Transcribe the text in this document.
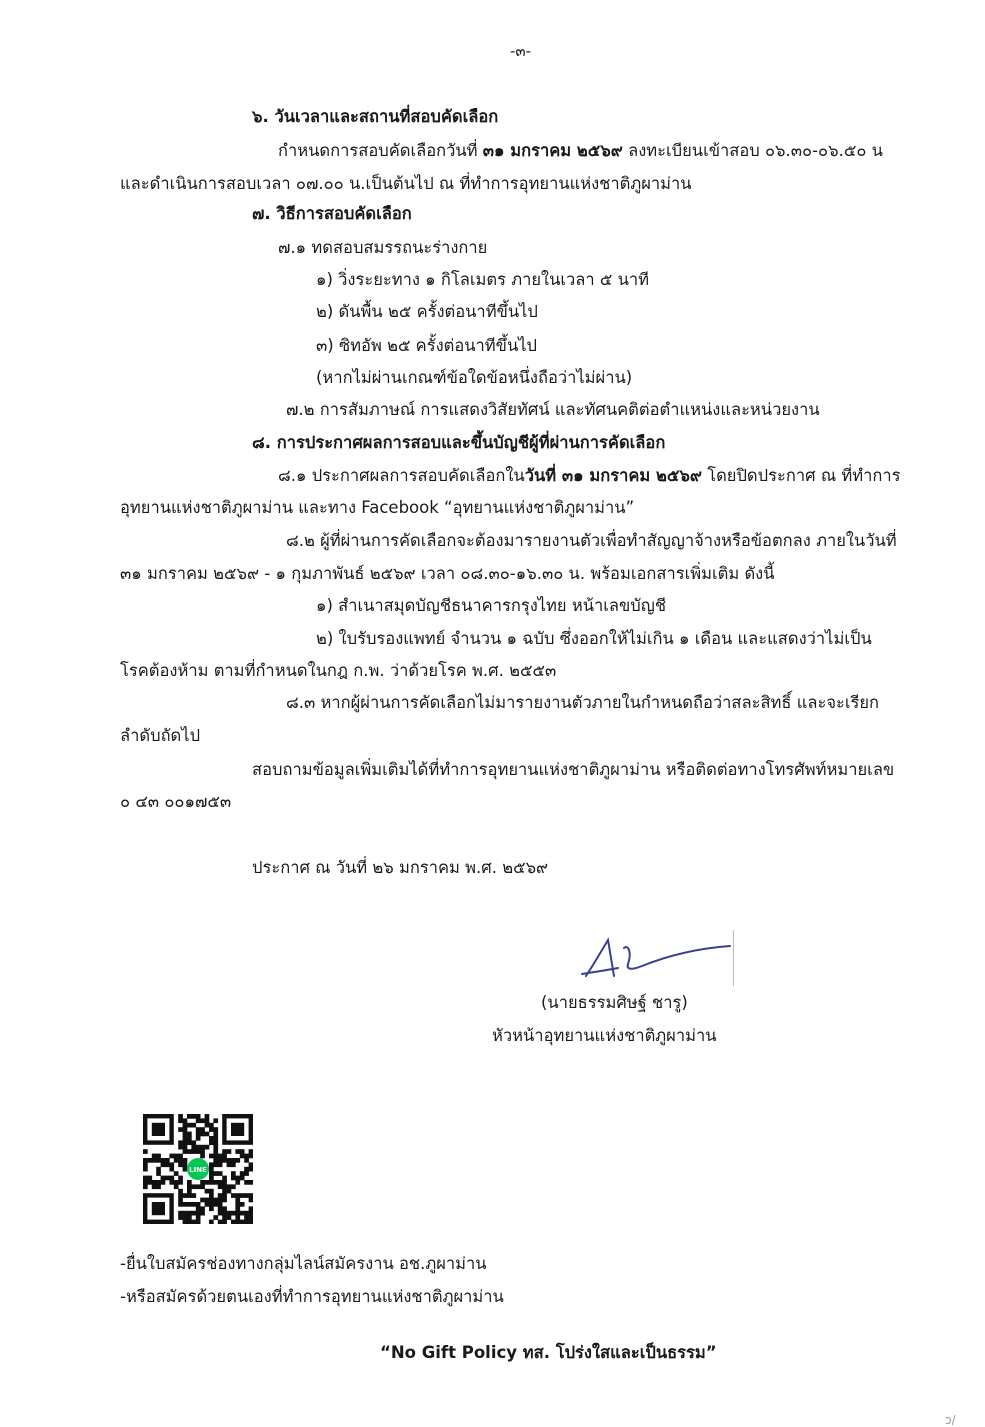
-๓-
๖. วันเวลาและสถานที่สอบคัดเลือก
กำหนดการสอบคัดเลือกวันที่ ๓๑ มกราคม ๒๕๖๙ ลงทะเบียนเข้าสอบ ๐๖.๓๐-๐๖.๕๐ น
และดำเนินการสอบเวลา ๐๗.๐๐ น.เป็นต้นไป ณ ที่ทำการอุทยานแห่งชาติภูผาม่าน
๗. วิธีการสอบคัดเลือก
๗.๑ ทดสอบสมรรถนะร่างกาย
๑) วิ่งระยะทาง ๑ กิโลเมตร ภายในเวลา ๕ นาที
๒) ดันพื้น ๒๕ ครั้งต่อนาทีขึ้นไป
๓) ซิทอัพ ๒๕ ครั้งต่อนาทีขึ้นไป
(หากไม่ผ่านเกณฑ์ข้อใดข้อหนึ่งถือว่าไม่ผ่าน)
๗.๒ การสัมภาษณ์ การแสดงวิสัยทัศน์ และทัศนคติต่อตำแหน่งและหน่วยงาน
๘. การประกาศผลการสอบและขึ้นบัญชีผู้ที่ผ่านการคัดเลือก
๘.๑ ประกาศผลการสอบคัดเลือกในวันที่ ๓๑ มกราคม ๒๕๖๙ โดยปิดประกาศ ณ ที่ทำการ
อุทยานแห่งชาติภูผาม่าน และทาง Facebook “อุทยานแห่งชาติภูผาม่าน”
๘.๒ ผู้ที่ผ่านการคัดเลือกจะต้องมารายงานตัวเพื่อทำสัญญาจ้างหรือข้อตกลง ภายในวันที่
๓๑ มกราคม ๒๕๖๙ - ๑ กุมภาพันธ์ ๒๕๖๙ เวลา ๐๘.๓๐-๑๖.๓๐ น. พร้อมเอกสารเพิ่มเติม ดังนี้
๑) สำเนาสมุดบัญชีธนาคารกรุงไทย หน้าเลขบัญชี
๒) ใบรับรองแพทย์ จำนวน ๑ ฉบับ ซึ่งออกให้ไม่เกิน ๑ เดือน และแสดงว่าไม่เป็น
โรคต้องห้าม ตามที่กำหนดในกฎ ก.พ. ว่าด้วยโรค พ.ศ. ๒๕๕๓
๘.๓ หากผู้ผ่านการคัดเลือกไม่มารายงานตัวภายในกำหนดถือว่าสละสิทธิ์ และจะเรียก
ลำดับถัดไป
สอบถามข้อมูลเพิ่มเติมได้ที่ทำการอุทยานแห่งชาติภูผาม่าน หรือติดต่อทางโทรศัพท์หมายเลข
๐ ๔๓ ๐๐๑๗๕๓
ประกาศ ณ วันที่ ๒๖ มกราคม พ.ศ. ๒๕๖๙
(นายธรรมศิษฐ์ ชารู)
หัวหน้าอุทยานแห่งชาติภูผาม่าน
LINE
-ยื่นใบสมัครช่องทางกลุ่มไลน์สมัครงาน อช.ภูผาม่าน
-หรือสมัครด้วยตนเองที่ทำการอุทยานแห่งชาติภูผาม่าน
“No Gift Policy ทส. โปร่งใสและเป็นธรรม”
ɔ/
